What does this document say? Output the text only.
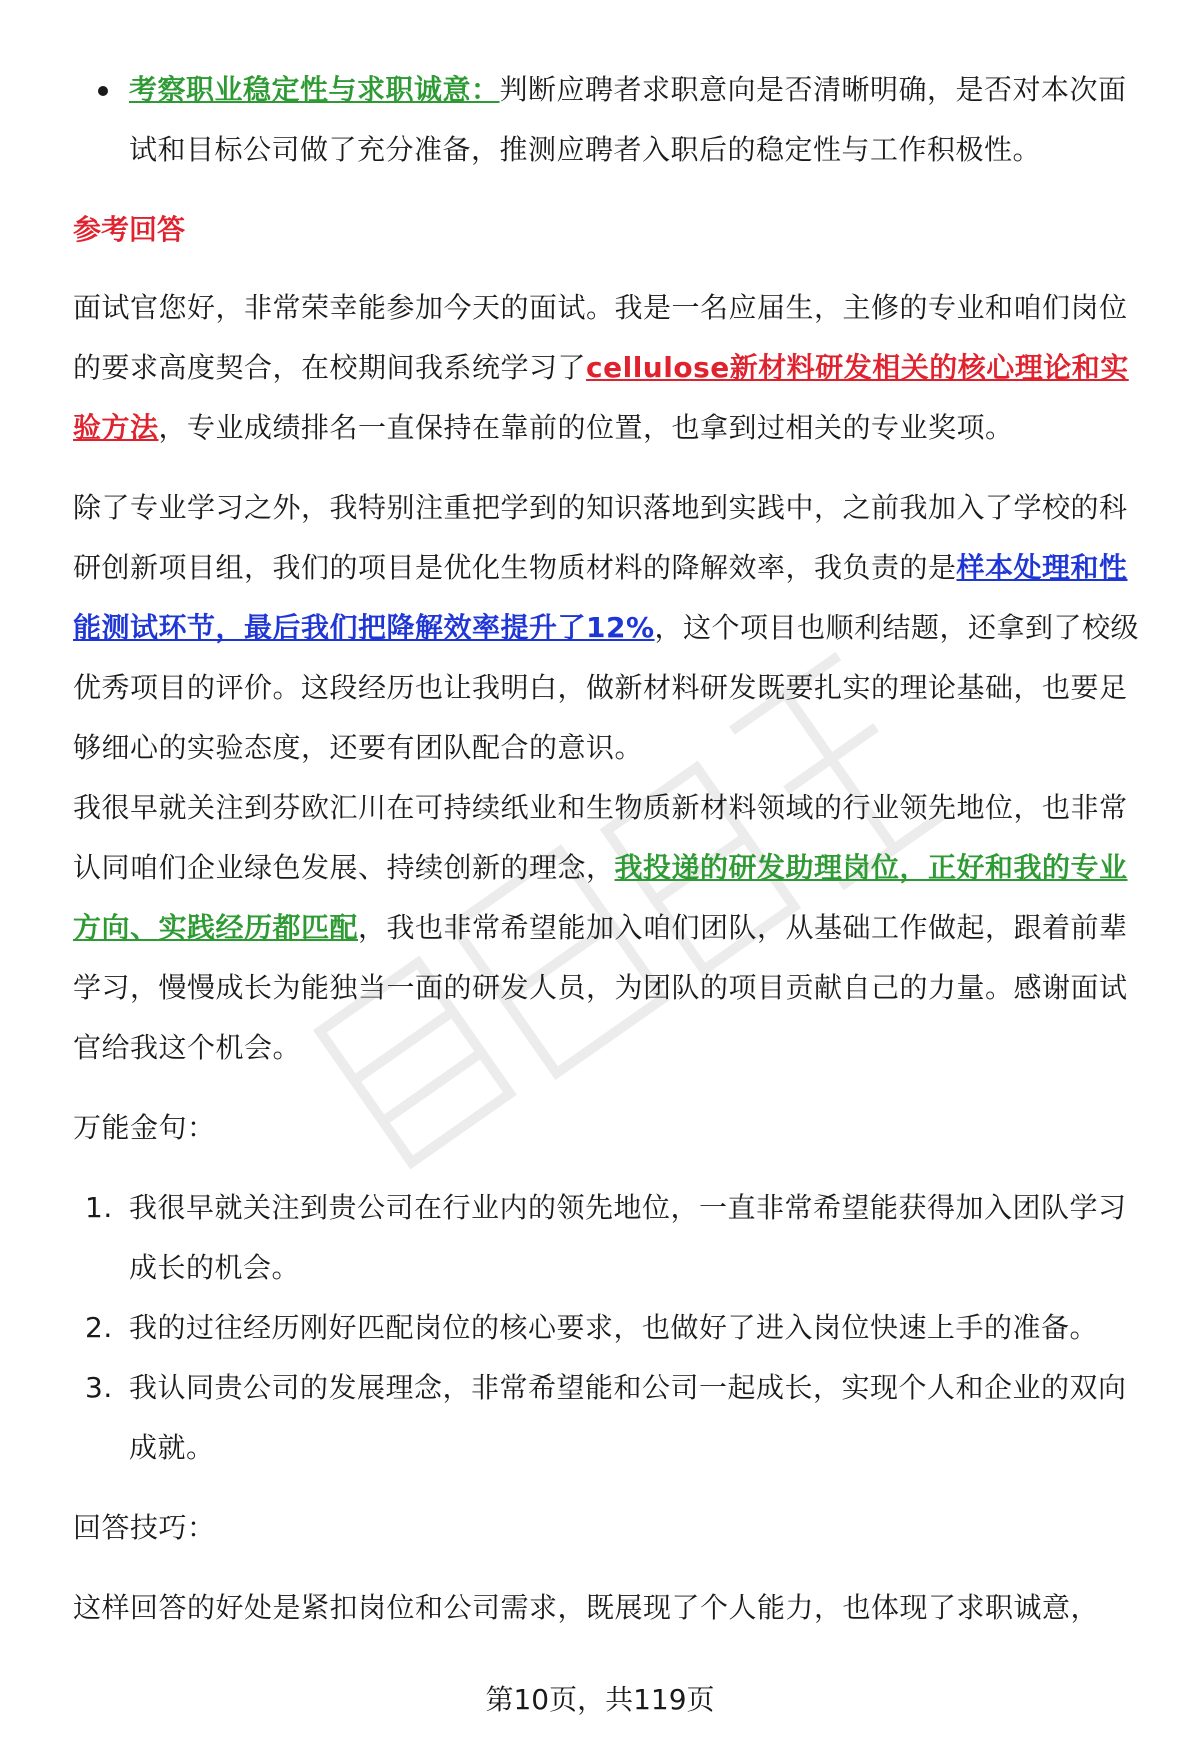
考察职业稳定性与求职诚意：判断应聘者求职意向是否清晰明确，是否对本次面试和目标公司做了充分准备，推测应聘者入职后的稳定性与工作积极性。
参考回答

面试官您好，非常荣幸能参加今天的面试。我是一名应届生，主修的专业和咱们岗位的要求高度契合，在校期间我系统学习了cellulose新材料研发相关的核心理论和实验方法，专业成绩排名一直保持在靠前的位置，也拿到过相关的专业奖项。

除了专业学习之外，我特别注重把学到的知识落地到实践中，之前我加入了学校的科研创新项目组，我们的项目是优化生物质材料的降解效率，我负责的是样本处理和性能测试环节，最后我们把降解效率提升了12%，这个项目也顺利结题，还拿到了校级优秀项目的评价。这段经历也让我明白，做新材料研发既要扎实的理论基础，也要足够细心的实验态度，还要有团队配合的意识。

我很早就关注到芬欧汇川在可持续纸业和生物质新材料领域的行业领先地位，也非常认同咱们企业绿色发展、持续创新的理念，我投递的研发助理岗位，正好和我的专业方向、实践经历都匹配，我也非常希望能加入咱们团队，从基础工作做起，跟着前辈学习，慢慢成长为能独当一面的研发人员，为团队的项目贡献自己的力量。感谢面试官给我这个机会。

万能金句：

1. 我很早就关注到贵公司在行业内的领先地位，一直非常希望能获得加入团队学习成长的机会。
2. 我的过往经历刚好匹配岗位的核心要求，也做好了进入岗位快速上手的准备。
3. 我认同贵公司的发展理念，非常希望能和公司一起成长，实现个人和企业的双向成就。

回答技巧：

这样回答的好处是紧扣岗位和公司需求，既展现了个人能力，也体现了求职诚意，

第10页，共119页
